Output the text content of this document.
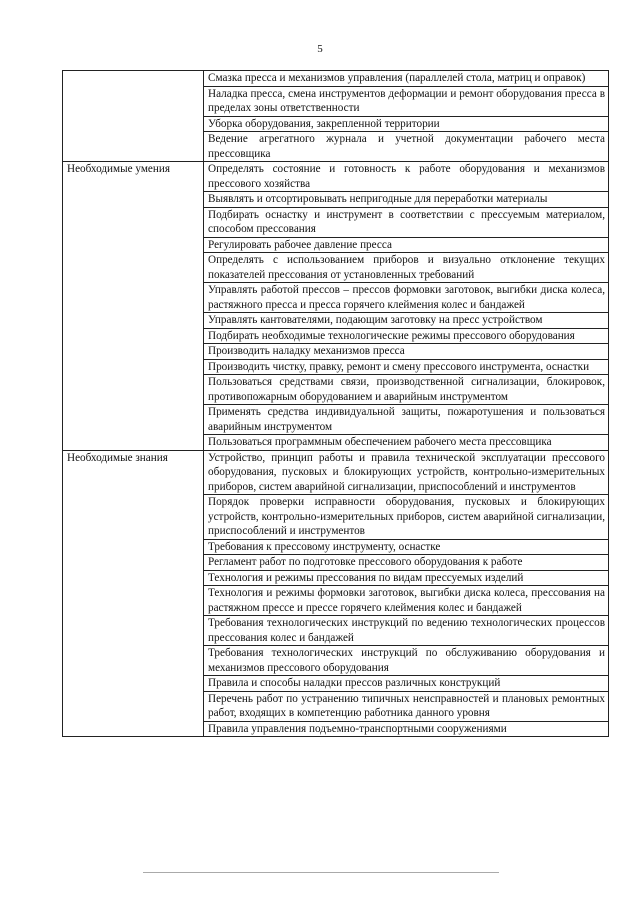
5
	Смазка пресса и механизмов управления (параллелей стола, матриц и оправок)
	Наладка пресса, смена инструментов деформации и ремонт оборудования пресса в пределах зоны ответственности
	Уборка оборудования, закрепленной территории
	Ведение агрегатного журнала и учетной документации рабочего места прессовщика
Необходимые умения	Определять состояние и готовность к работе оборудования и механизмов прессового хозяйства
	Выявлять и отсортировывать непригодные для переработки материалы
	Подбирать оснастку и инструмент в соответствии с прессуемым материалом, способом прессования
	Регулировать рабочее давление пресса
	Определять с использованием приборов и визуально отклонение текущих показателей прессования от установленных требований
	Управлять работой прессов – прессов формовки заготовок, выгибки диска колеса, растяжного пресса и пресса горячего клеймения колес и бандажей
	Управлять кантователями, подающим заготовку на пресс устройством
	Подбирать необходимые технологические режимы прессового оборудования
	Производить наладку механизмов пресса
	Производить чистку, правку, ремонт и смену прессового инструмента, оснастки
	Пользоваться средствами связи, производственной сигнализации, блокировок, противопожарным оборудованием и аварийным инструментом
	Применять средства индивидуальной защиты, пожаротушения и пользоваться аварийным инструментом
	Пользоваться программным обеспечением рабочего места прессовщика
Необходимые знания	Устройство, принцип работы и правила технической эксплуатации прессового оборудования, пусковых и блокирующих устройств, контрольно-измерительных приборов, систем аварийной сигнализации, приспособлений и инструментов
	Порядок проверки исправности оборудования, пусковых и блокирующих устройств, контрольно-измерительных приборов, систем аварийной сигнализации, приспособлений и инструментов
	Требования к прессовому инструменту, оснастке
	Регламент работ по подготовке прессового оборудования к работе
	Технология и режимы прессования по видам прессуемых изделий
	Технология и режимы формовки заготовок, выгибки диска колеса, прессования на растяжном прессе и прессе горячего клеймения колес и бандажей
	Требования технологических инструкций по ведению технологических процессов прессования колес и бандажей
	Требования технологических инструкций по обслуживанию оборудования и механизмов прессового оборудования
	Правила и способы наладки прессов различных конструкций
	Перечень работ по устранению типичных неисправностей и плановых ремонтных работ, входящих в компетенцию работника данного уровня
	Правила управления подъемно-транспортными сооружениями
